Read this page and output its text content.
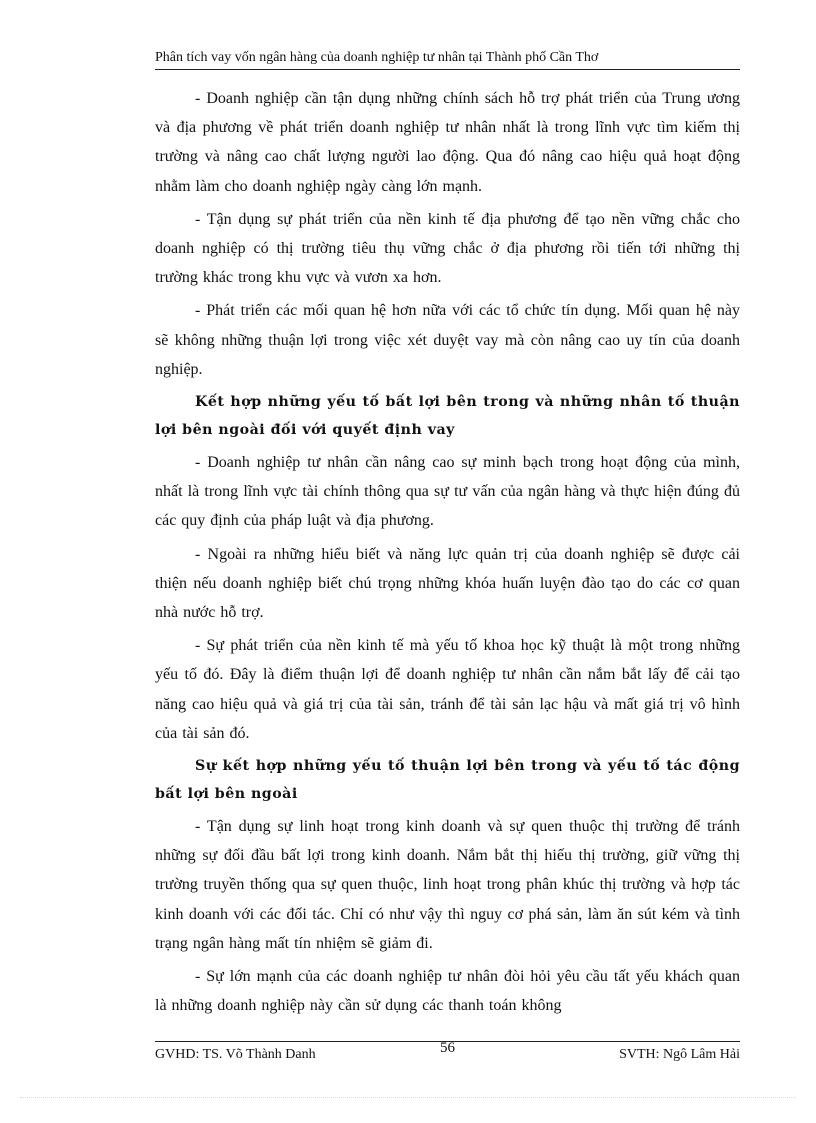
Phân tích vay vốn ngân hàng của doanh nghiệp tư nhân tại Thành phố Cần Thơ

- Doanh nghiệp cần tận dụng những chính sách hỗ trợ phát triển của Trung ương và địa phương về phát triển doanh nghiệp tư nhân nhất là trong lĩnh vực tìm kiếm thị trường và nâng cao chất lượng người lao động. Qua đó nâng cao hiệu quả hoạt động nhằm làm cho doanh nghiệp ngày càng lớn mạnh.

- Tận dụng sự phát triển của nền kinh tế địa phương để tạo nền vững chắc cho doanh nghiệp có thị trường tiêu thụ vững chắc ở địa phương rồi tiến tới những thị trường khác trong khu vực và vươn xa hơn.

- Phát triển các mối quan hệ hơn nữa với các tổ chức tín dụng. Mối quan hệ này sẽ không những thuận lợi trong việc xét duyệt vay mà còn nâng cao uy tín của doanh nghiệp.

Kết hợp những yếu tố bất lợi bên trong và những nhân tố thuận lợi bên ngoài đối với quyết định vay

- Doanh nghiệp tư nhân cần nâng cao sự minh bạch trong hoạt động của mình, nhất là trong lĩnh vực tài chính thông qua sự tư vấn của ngân hàng và thực hiện đúng đủ các quy định của pháp luật và địa phương.

- Ngoài ra những hiểu biết và năng lực quản trị của doanh nghiệp sẽ được cải thiện nếu doanh nghiệp biết chú trọng những khóa huấn luyện đào tạo do các cơ quan nhà nước hỗ trợ.

- Sự phát triển của nền kinh tế mà yếu tố khoa học kỹ thuật là một trong những yếu tố đó. Đây là điểm thuận lợi để doanh nghiệp tư nhân cần nắm bắt lấy để cải tạo năng cao hiệu quả và giá trị của tài sản, tránh để tài sản lạc hậu và mất giá trị vô hình của tài sản đó.

Sự kết hợp những yếu tố thuận lợi bên trong và yếu tố tác động bất lợi bên ngoài

- Tận dụng sự linh hoạt trong kinh doanh và sự quen thuộc thị trường để tránh những sự đối đầu bất lợi trong kinh doanh. Nắm bắt thị hiếu thị trường, giữ vững thị trường truyền thống qua sự quen thuộc, linh hoạt trong phân khúc thị trường và hợp tác kinh doanh với các đối tác. Chỉ có như vậy thì nguy cơ phá sản, làm ăn sút kém và tình trạng ngân hàng mất tín nhiệm sẽ giảm đi.

- Sự lớn mạnh của các doanh nghiệp tư nhân đòi hỏi yêu cầu tất yếu khách quan là những doanh nghiệp này cần sử dụng các thanh toán không

GVHD: TS. Võ Thành Danh	56	SVTH: Ngô Lâm Hải
